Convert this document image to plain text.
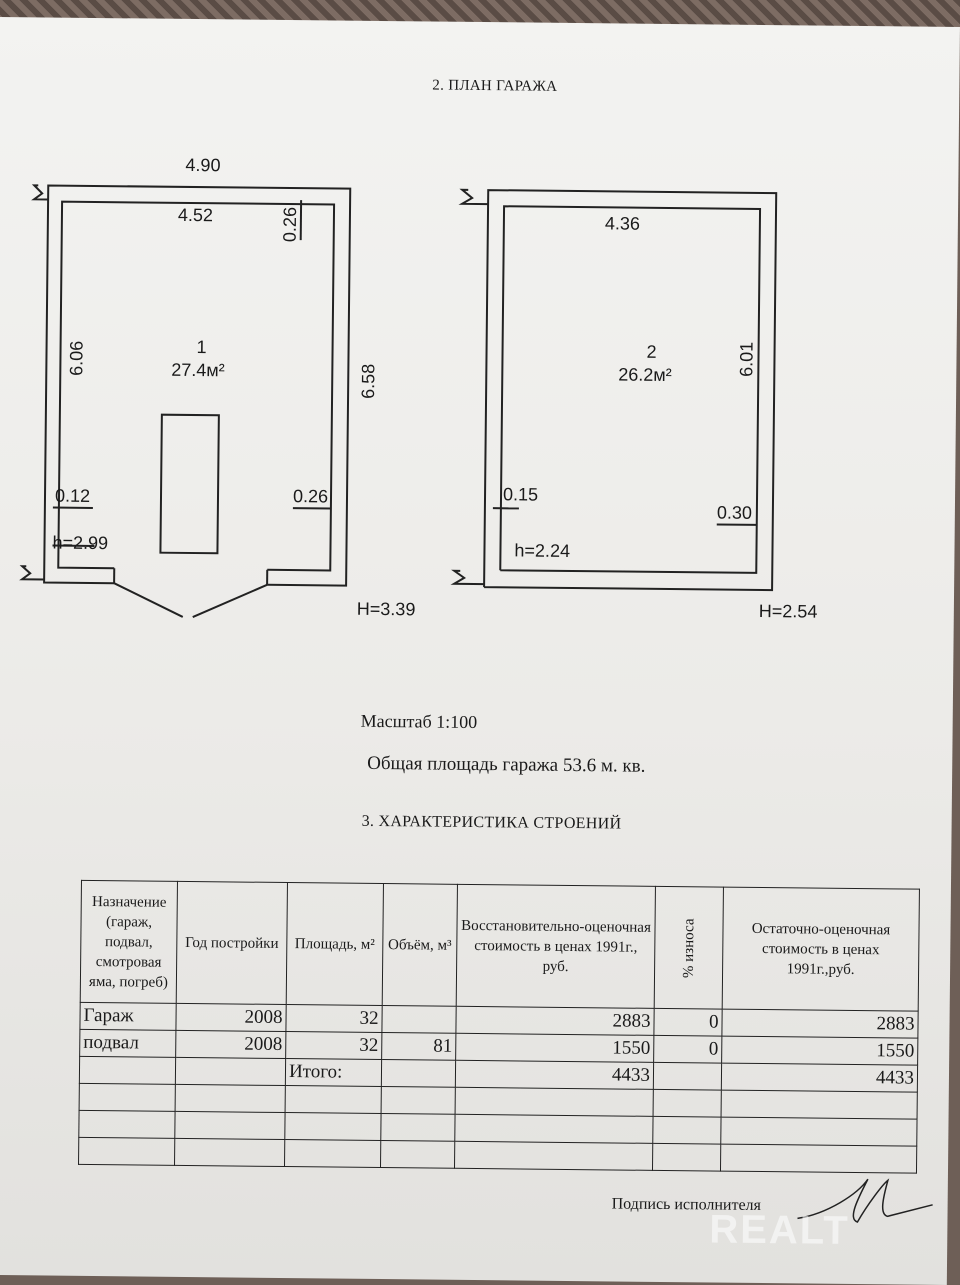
2. ПЛАН ГАРАЖА
4.90
4.52	0.26
6.06
6.58
1
27.4м²
0.12	0.26
h=2.99
H=3.39
4.36
6.01
2
26.2м²
0.15
0.30
h=2.24
H=2.54
Масштаб 1:100
Общая площадь гаража 53.6 м. кв.
3. ХАРАКТЕРИСТИКА СТРОЕНИЙ
Назначение (гараж, подвал, смотровая яма, погреб)	Год постройки	Площадь, м²	Объём, м³	Восстановительно-оценочная стоимость в ценах 1991г., руб.	% износа	Остаточно-оценочная стоимость в ценах 1991г.,руб.
Гараж	2008	32		2883	0	2883
подвал	2008	32	81	1550	0	1550
		Итого:		4433		4433

Подпись исполнителя
REALT
